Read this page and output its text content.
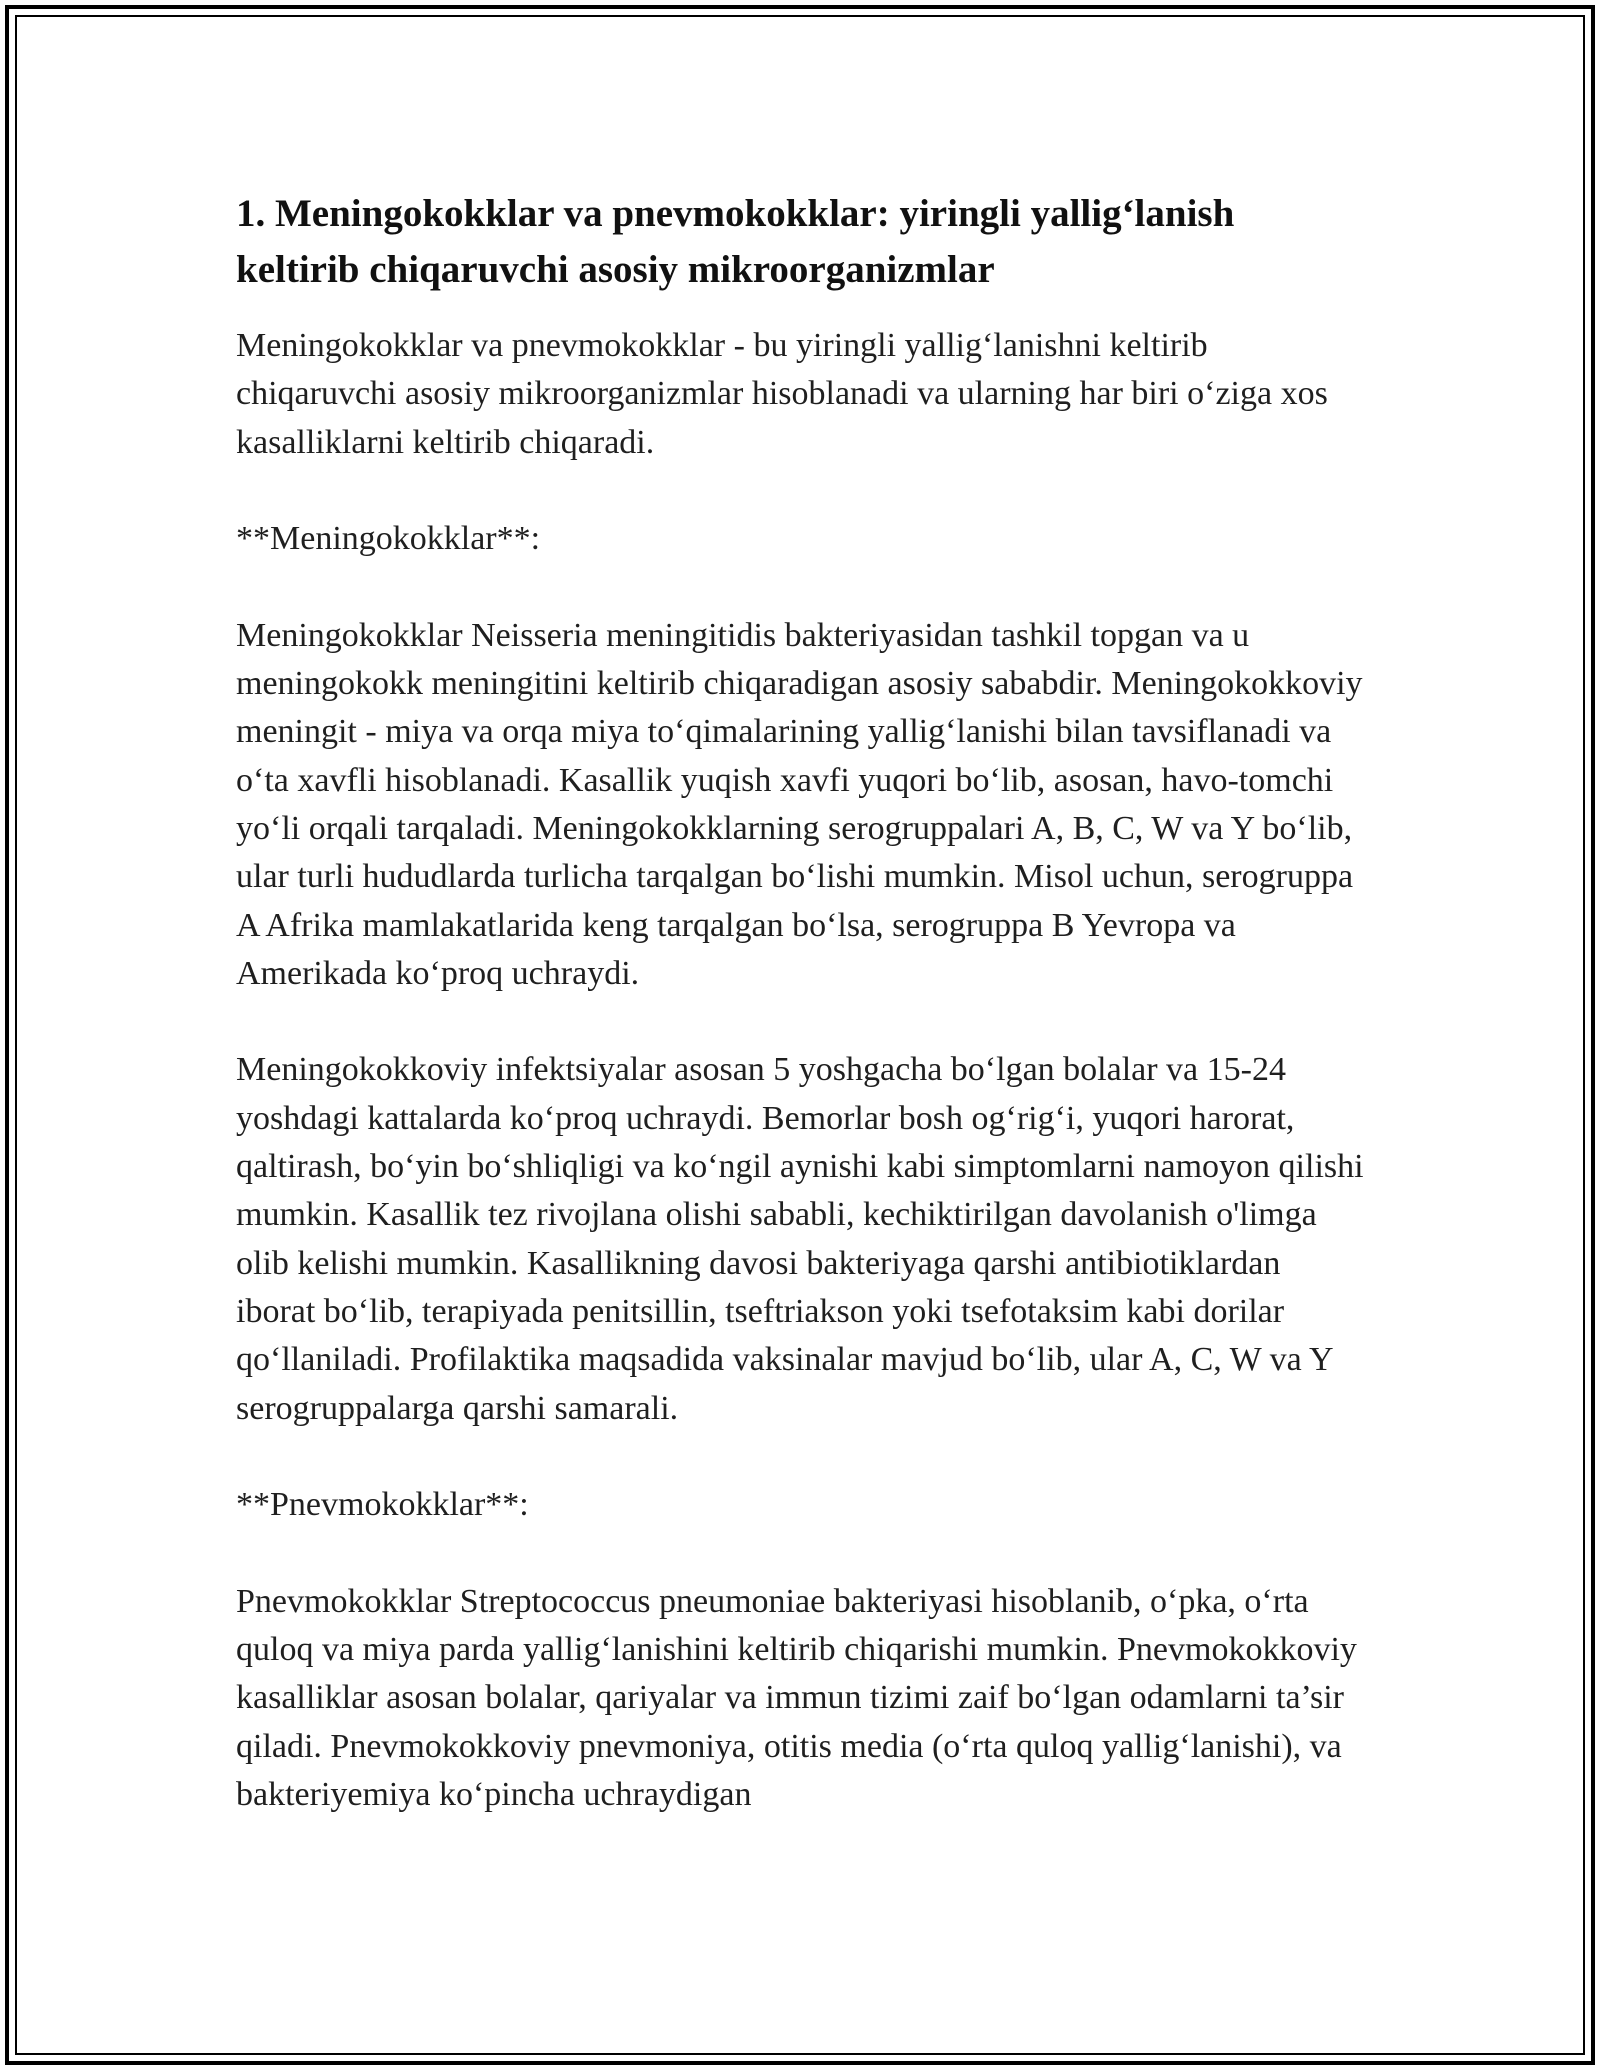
1. Meningokokklar va pnevmokokklar: yiringli yallig‘lanish keltirib chiqaruvchi asosiy mikroorganizmlar

Meningokokklar va pnevmokokklar - bu yiringli yallig‘lanishni keltirib chiqaruvchi asosiy mikroorganizmlar hisoblanadi va ularning har biri o‘ziga xos kasalliklarni keltirib chiqaradi.

**Meningokokklar**:

Meningokokklar Neisseria meningitidis bakteriyasidan tashkil topgan va u meningokokk meningitini keltirib chiqaradigan asosiy sababdir. Meningokokkoviy meningit - miya va orqa miya to‘qimalarining yallig‘lanishi bilan tavsiflanadi va o‘ta xavfli hisoblanadi. Kasallik yuqish xavfi yuqori bo‘lib, asosan, havo-tomchi yo‘li orqali tarqaladi. Meningokokklarning serogruppalari A, B, C, W va Y bo‘lib, ular turli hududlarda turlicha tarqalgan bo‘lishi mumkin. Misol uchun, serogruppa A Afrika mamlakatlarida keng tarqalgan bo‘lsa, serogruppa B Yevropa va Amerikada ko‘proq uchraydi.

Meningokokkoviy infektsiyalar asosan 5 yoshgacha bo‘lgan bolalar va 15-24 yoshdagi kattalarda ko‘proq uchraydi. Bemorlar bosh og‘rig‘i, yuqori harorat, qaltirash, bo‘yin bo‘shliqligi va ko‘ngil aynishi kabi simptomlarni namoyon qilishi mumkin. Kasallik tez rivojlana olishi sababli, kechiktirilgan davolanish o'limga olib kelishi mumkin. Kasallikning davosi bakteriyaga qarshi antibiotiklardan iborat bo‘lib, terapiyada penitsillin, tseftriakson yoki tsefotaksim kabi dorilar qo‘llaniladi. Profilaktika maqsadida vaksinalar mavjud bo‘lib, ular A, C, W va Y serogruppalarga qarshi samarali.

**Pnevmokokklar**:

Pnevmokokklar Streptococcus pneumoniae bakteriyasi hisoblanib, o‘pka, o‘rta quloq va miya parda yallig‘lanishini keltirib chiqarishi mumkin. Pnevmokokkoviy kasalliklar asosan bolalar, qariyalar va immun tizimi zaif bo‘lgan odamlarni ta’sir qiladi. Pnevmokokkoviy pnevmoniya, otitis media (o‘rta quloq yallig‘lanishi), va bakteriyemiya ko‘pincha uchraydigan
